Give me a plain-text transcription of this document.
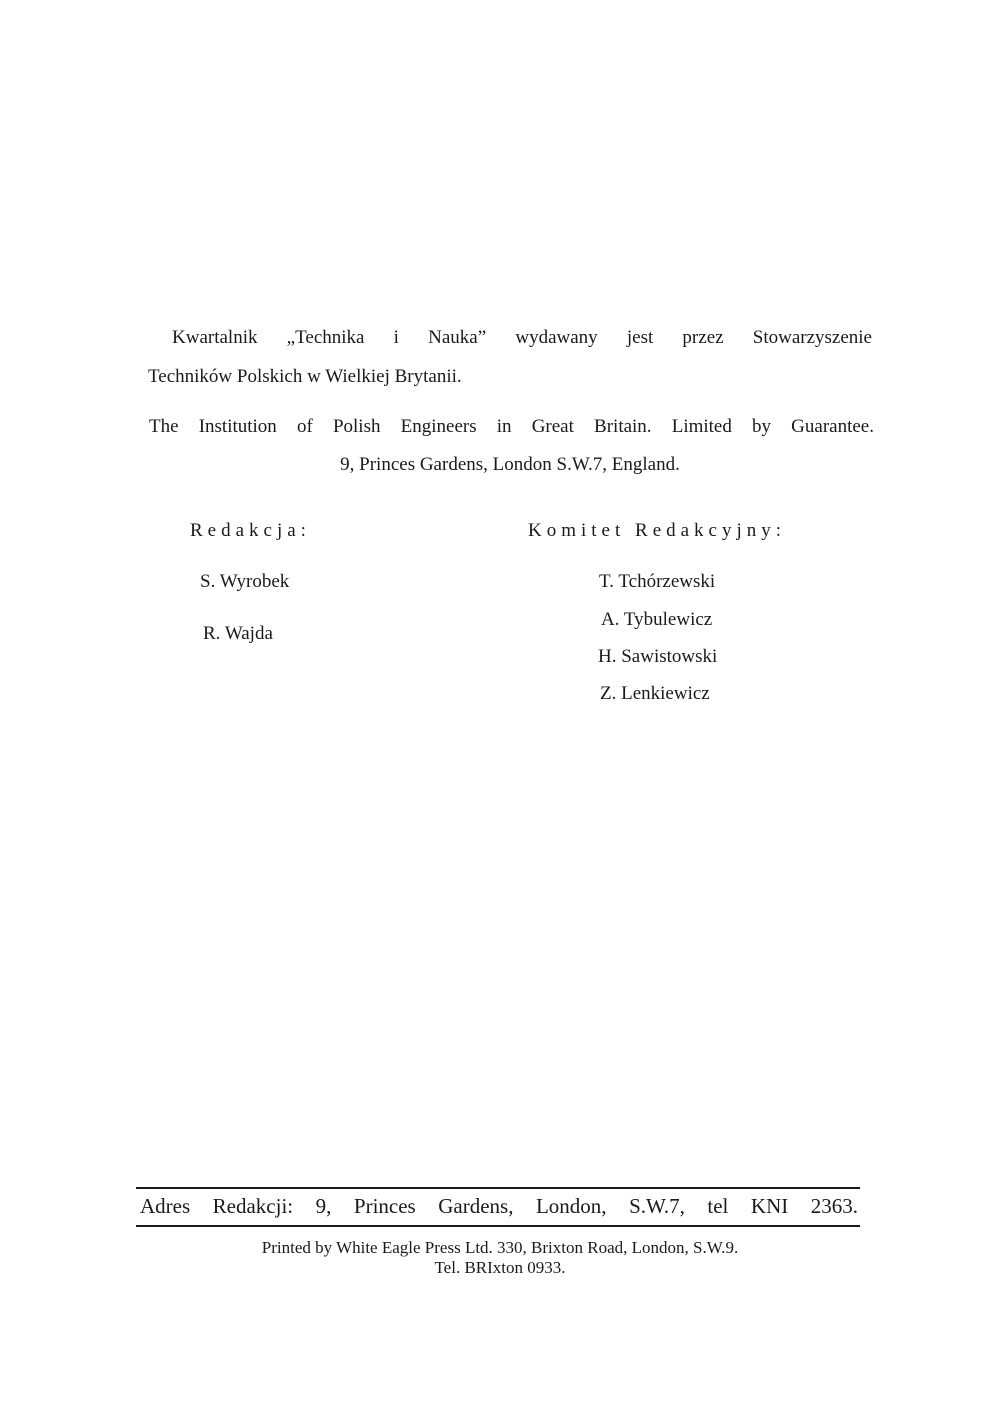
Kwartalnik „Technika i Nauka” wydawany jest przez Stowarzyszenie
Techników Polskich w Wielkiej Brytanii.
The Institution of Polish Engineers in Great Britain. Limited by Guarantee.
9, Princes Gardens, London S.W.7, England.
Redakcja:	Komitet Redakcyjny:
S. Wyrobek
R. Wajda
T. Tchórzewski
A. Tybulewicz
H. Sawistowski
Z. Lenkiewicz
Adres Redakcji: 9, Princes Gardens, London, S.W.7, tel KNI 2363.
Printed by White Eagle Press Ltd. 330, Brixton Road, London, S.W.9.
Tel. BRIxton 0933.
